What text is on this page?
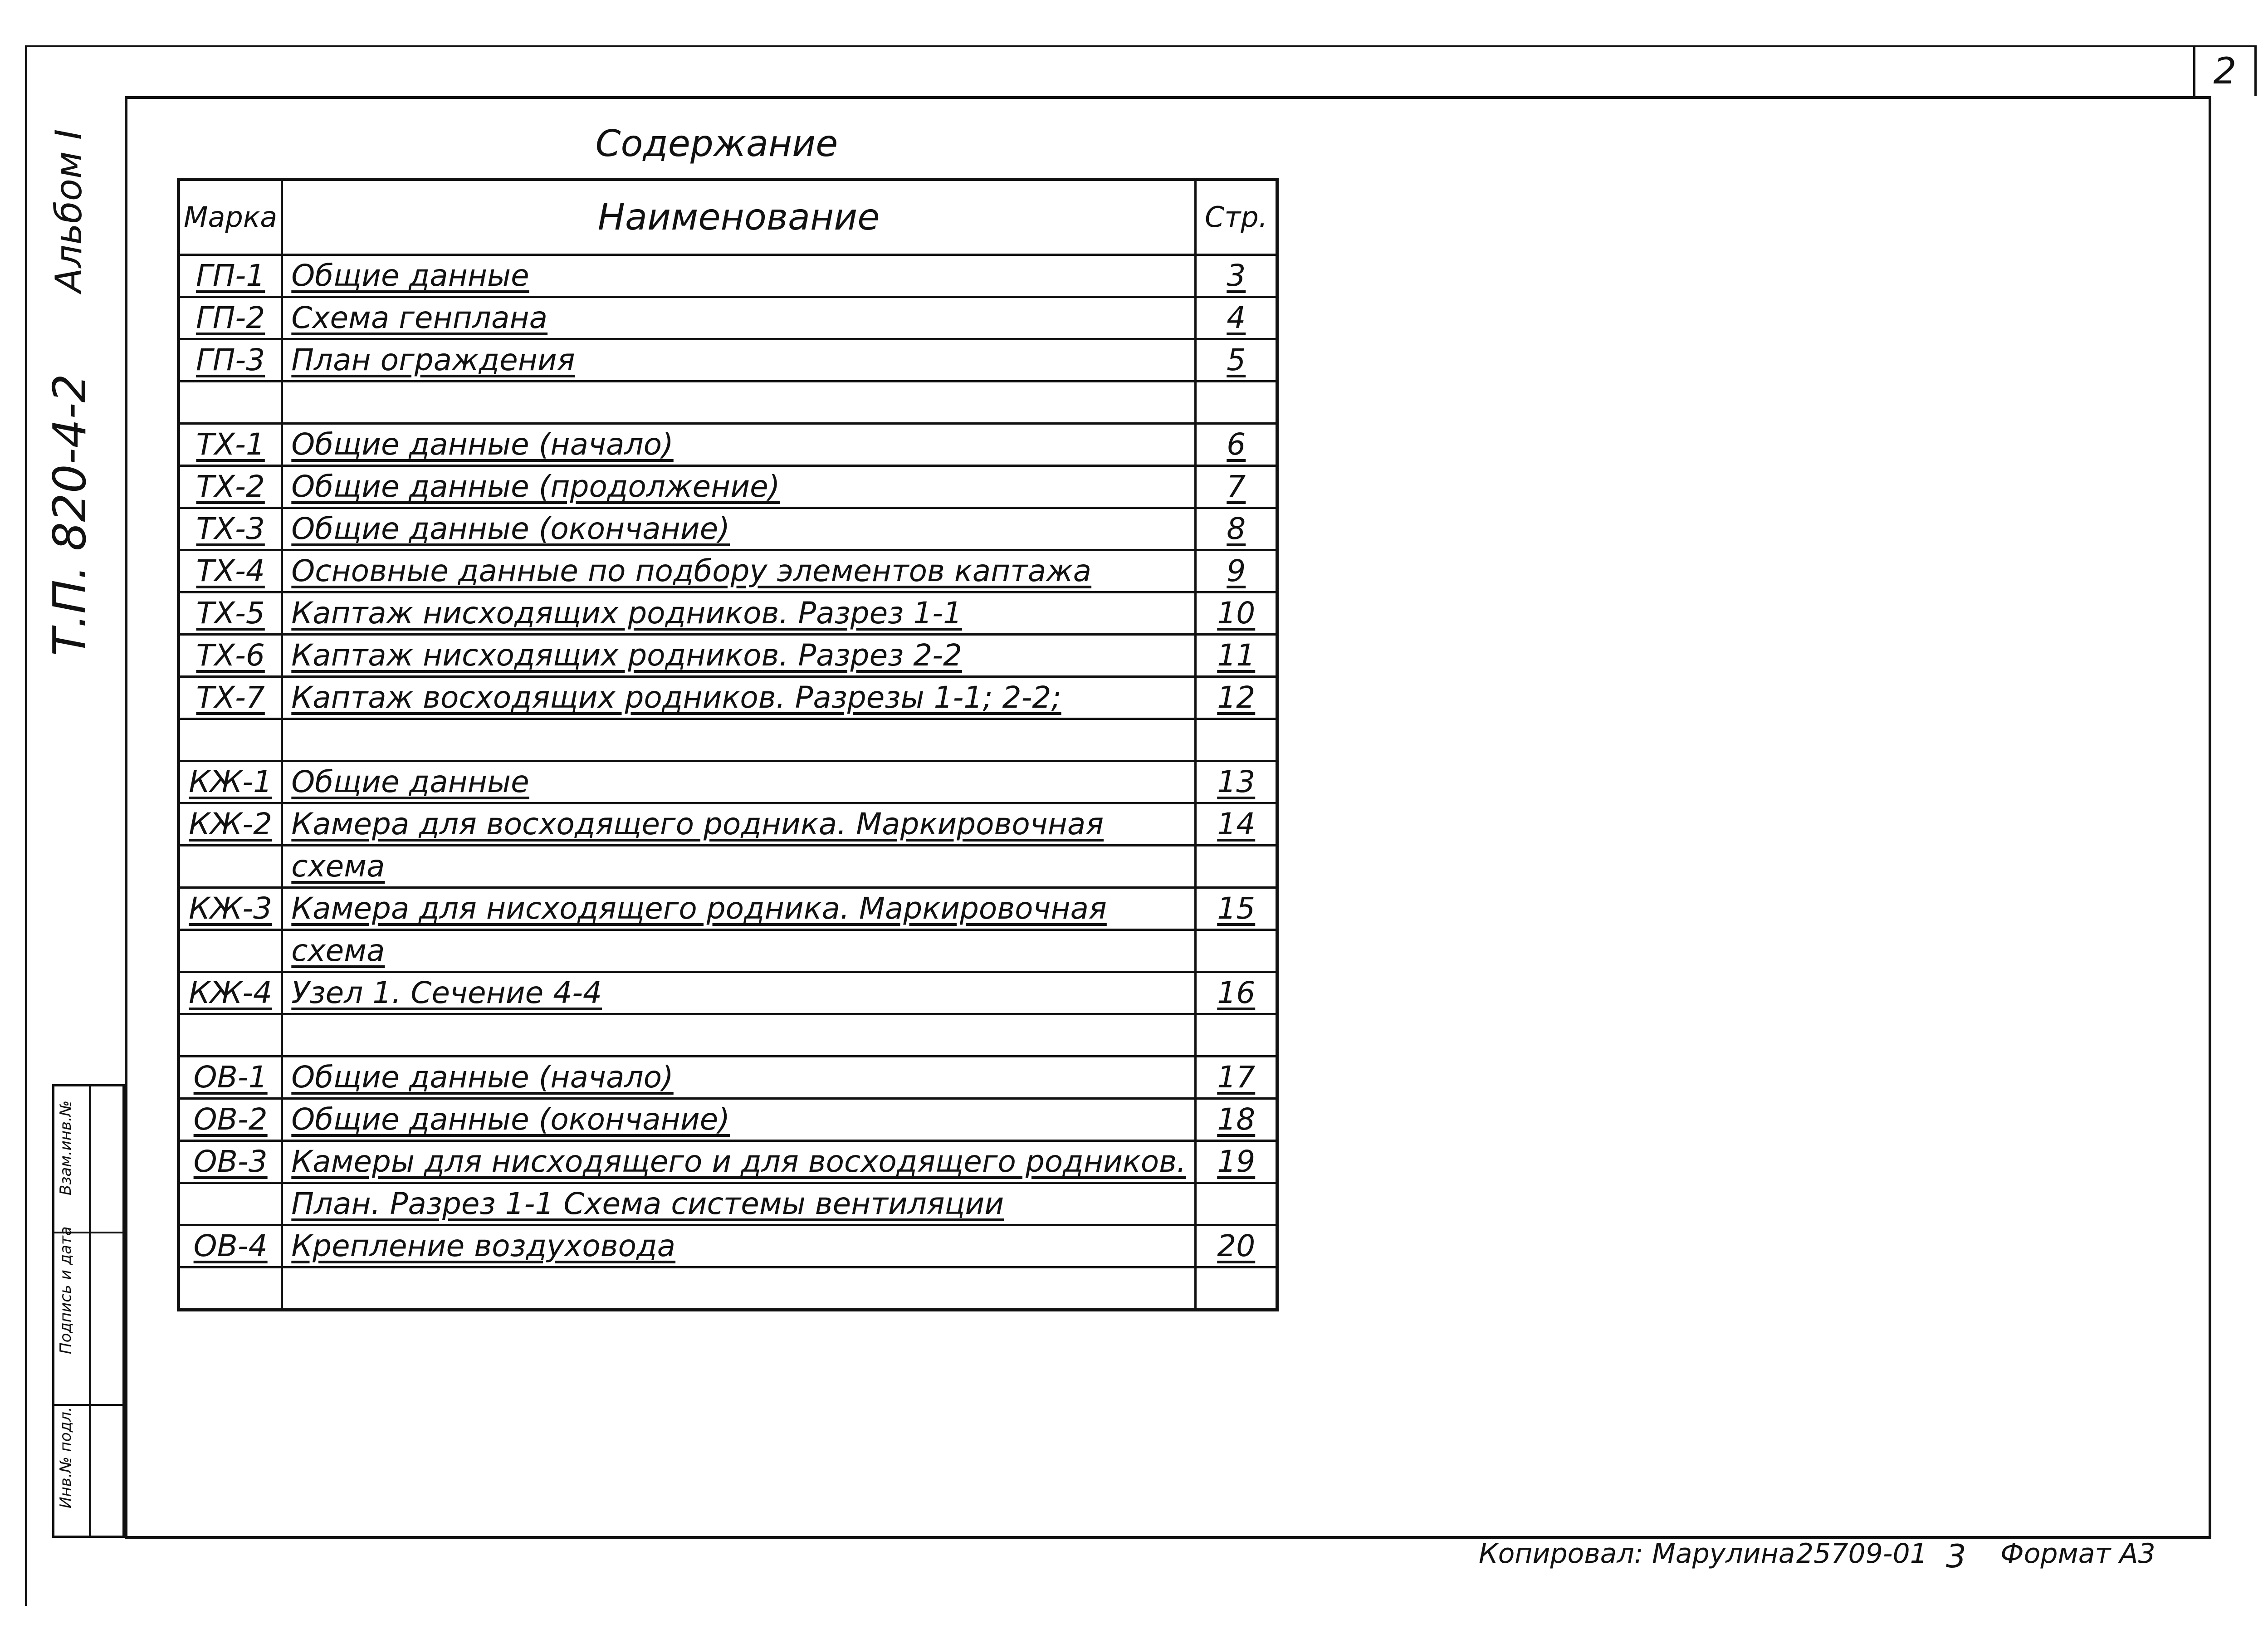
2
Альбом I
Т.П. 820-4-2
Взам.инв.№
Подпись и дата
Инв.№ подл.
Содержание
Марка	Наименование	Стр.
ГП-1	Общие данные	3
ГП-2	Схема генплана	4
ГП-3	План ограждения	5

ТХ-1	Общие данные (начало)	6
ТХ-2	Общие данные (продолжение)	7
ТХ-3	Общие данные (окончание)	8
ТХ-4	Основные данные по подбору элементов каптажа	9
ТХ-5	Каптаж нисходящих родников. Разрез 1-1	10
ТХ-6	Каптаж нисходящих родников. Разрез 2-2	11
ТХ-7	Каптаж восходящих родников. Разрезы 1-1; 2-2;	12

КЖ-1	Общие данные	13
КЖ-2	Камера для восходящего родника. Маркировочная	14
	схема	
КЖ-3	Камера для нисходящего родника. Маркировочная	15
	схема	
КЖ-4	Узел 1. Сечение 4-4	16

ОВ-1	Общие данные (начало)	17
ОВ-2	Общие данные (окончание)	18
ОВ-3	Камеры для нисходящего и для восходящего родников.	19
	План. Разрез 1-1 Схема системы вентиляции	
ОВ-4	Крепление воздуховода	20

Копировал: Марулина 25709-01 3 Формат А3
